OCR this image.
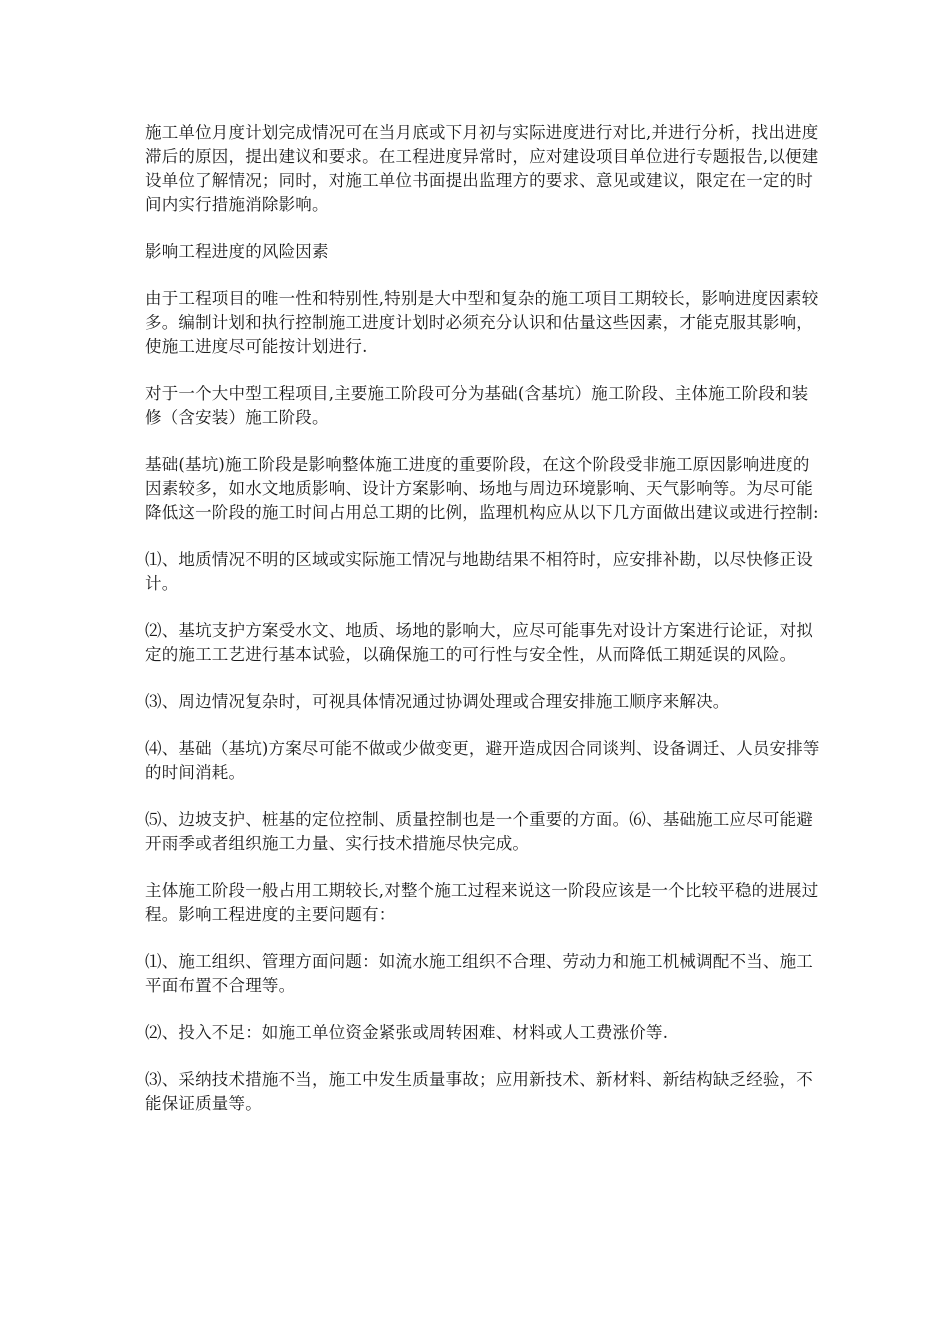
施工单位月度计划完成情况可在当月底或下月初与实际进度进行对比,并进行分析，找出进度滞后的原因，提出建议和要求。在工程进度异常时，应对建设项目单位进行专题报告,以便建设单位了解情况；同时，对施工单位书面提出监理方的要求、意见或建议，限定在一定的时间内实行措施消除影响。

影响工程进度的风险因素

由于工程项目的唯一性和特别性,特别是大中型和复杂的施工项目工期较长，影响进度因素较多。编制计划和执行控制施工进度计划时必须充分认识和估量这些因素，才能克服其影响，使施工进度尽可能按计划进行.

对于一个大中型工程项目,主要施工阶段可分为基础(含基坑）施工阶段、主体施工阶段和装修（含安装）施工阶段。

基础(基坑)施工阶段是影响整体施工进度的重要阶段，在这个阶段受非施工原因影响进度的因素较多，如水文地质影响、设计方案影响、场地与周边环境影响、天气影响等。为尽可能降低这一阶段的施工时间占用总工期的比例，监理机构应从以下几方面做出建议或进行控制:

⑴、地质情况不明的区域或实际施工情况与地勘结果不相符时，应安排补勘，以尽快修正设计。

⑵、基坑支护方案受水文、地质、场地的影响大，应尽可能事先对设计方案进行论证，对拟定的施工工艺进行基本试验，以确保施工的可行性与安全性，从而降低工期延误的风险。

⑶、周边情况复杂时，可视具体情况通过协调处理或合理安排施工顺序来解决。

⑷、基础（基坑)方案尽可能不做或少做变更，避开造成因合同谈判、设备调迁、人员安排等的时间消耗。

⑸、边坡支护、桩基的定位控制、质量控制也是一个重要的方面。⑹、基础施工应尽可能避开雨季或者组织施工力量、实行技术措施尽快完成。

主体施工阶段一般占用工期较长,对整个施工过程来说这一阶段应该是一个比较平稳的进展过程。影响工程进度的主要问题有：

⑴、施工组织、管理方面问题：如流水施工组织不合理、劳动力和施工机械调配不当、施工平面布置不合理等。

⑵、投入不足：如施工单位资金紧张或周转困难、材料或人工费涨价等.

⑶、采纳技术措施不当，施工中发生质量事故；应用新技术、新材料、新结构缺乏经验，不能保证质量等。
